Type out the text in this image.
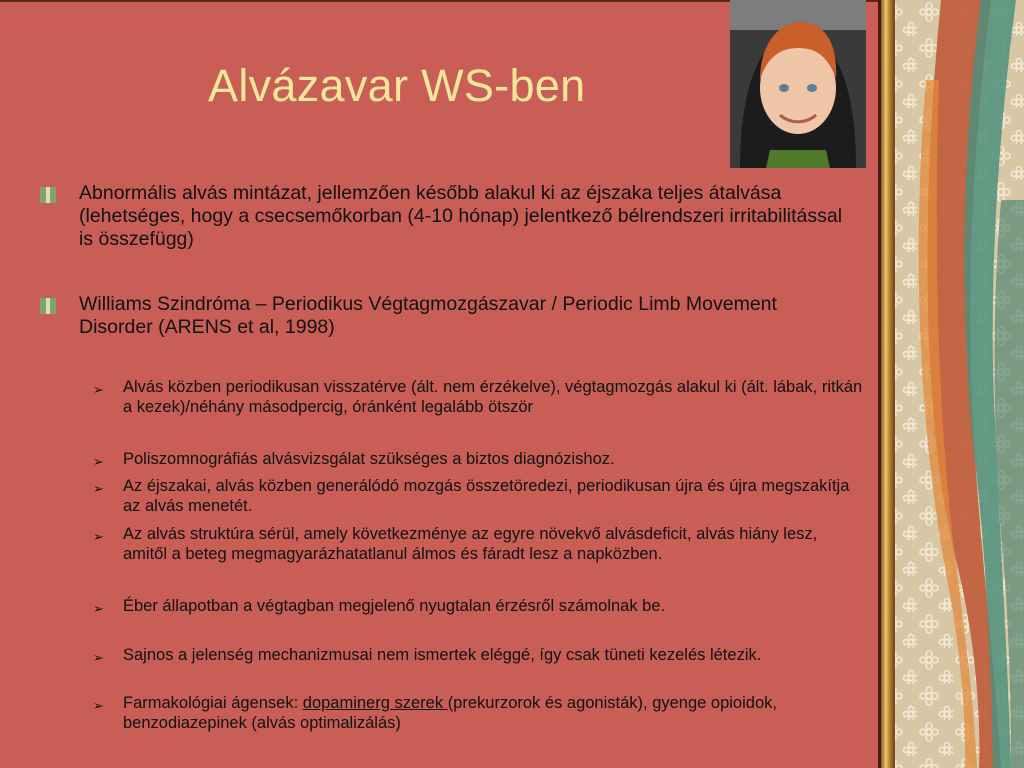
Alvázavar WS-ben
Abnormális alvás mintázat, jellemzően később alakul ki az éjszaka teljes átalvása (lehetséges, hogy a csecsemőkorban (4-10 hónap) jelentkező bélrendszeri irritabilitással is összefügg)
Williams Szindróma – Periodikus Végtagmozgászavar / Periodic Limb Movement Disorder (ARENS et al, 1998)
➢ Alvás közben periodikusan visszatérve (ált. nem érzékelve), végtagmozgás alakul ki (ált. lábak, ritkán a kezek)/néhány másodpercig, óránként legalább ötször
➢ Poliszomnográfiás alvásvizsgálat szükséges a biztos diagnózishoz.
➢ Az éjszakai, alvás közben generálódó mozgás összetöredezi, periodikusan újra és újra megszakítja az alvás menetét.
➢ Az alvás struktúra sérül, amely következménye az egyre növekvő alvásdeficit, alvás hiány lesz, amitől a beteg megmagyarázhatatlanul álmos és fáradt lesz a napközben.
➢ Éber állapotban a végtagban megjelenő nyugtalan érzésről számolnak be.
➢ Sajnos a jelenség mechanizmusai nem ismertek eléggé, így csak tüneti kezelés létezik.
➢ Farmakológiai ágensek: dopaminerg szerek (prekurzorok és agonisták), gyenge opioidok, benzodiazepinek (alvás optimalizálás)
